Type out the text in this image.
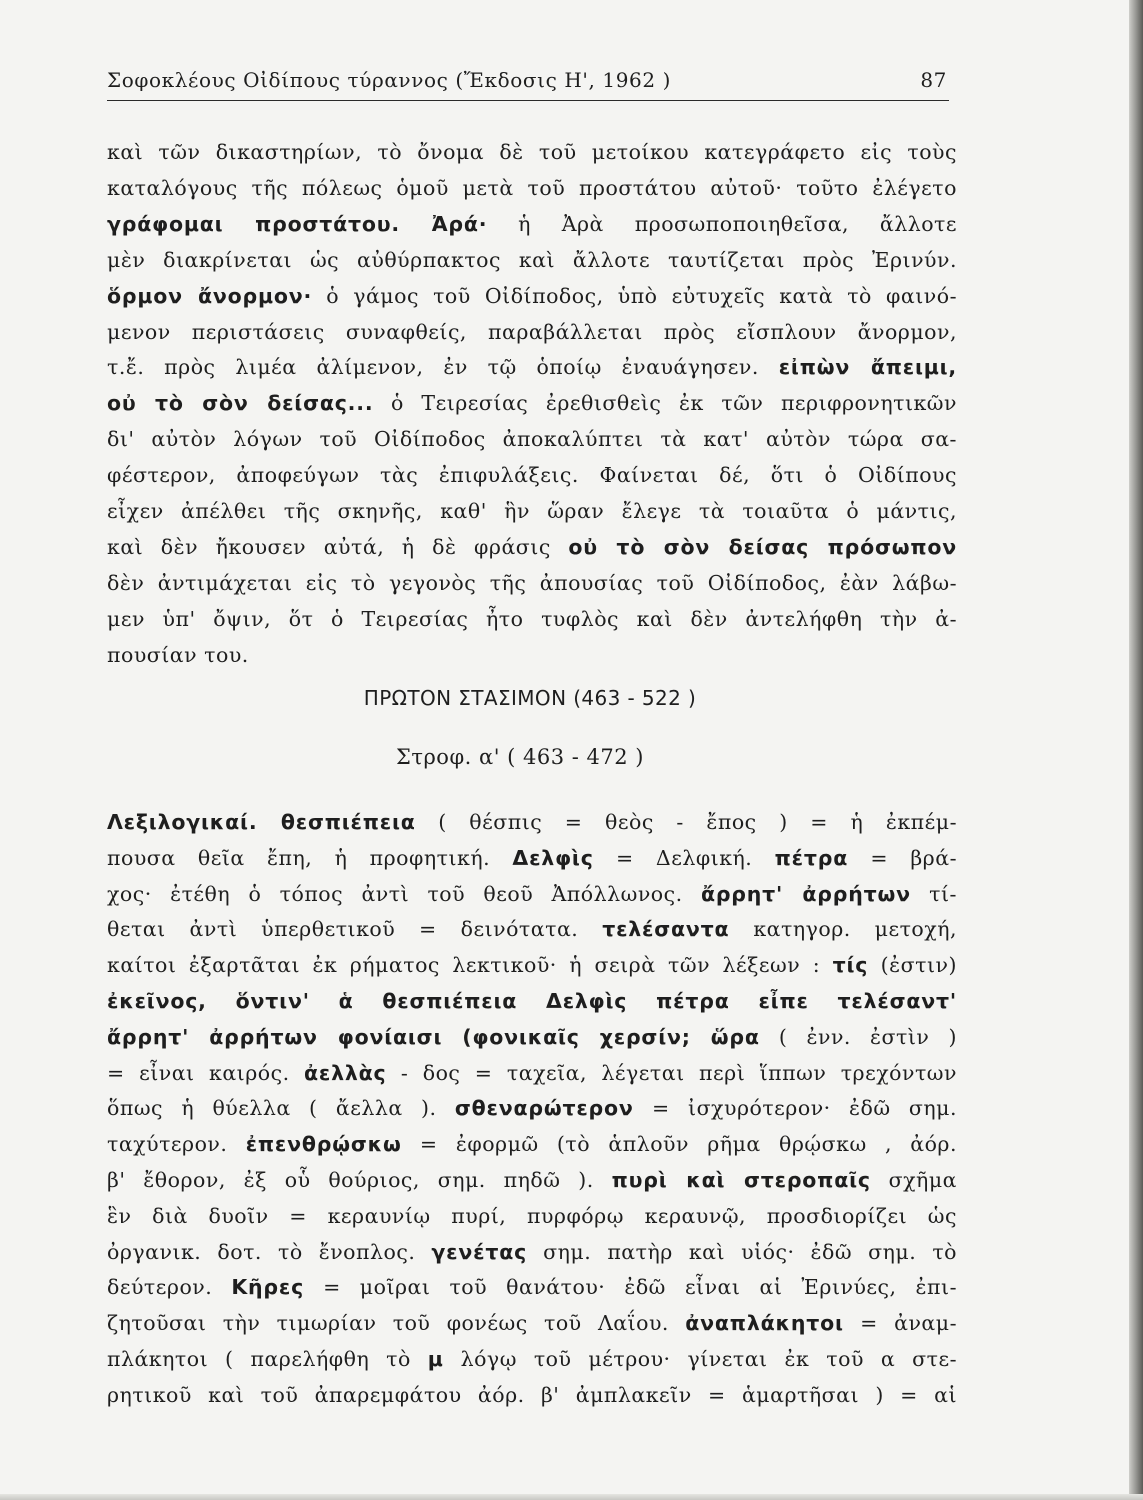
Σοφοκλέους Οἰδίπους τύραννος (Ἔκδοσις Η', 1962 )	87
καὶ τῶν δικαστηρίων, τὸ ὄνομα δὲ τοῦ μετοίκου κατεγράφετο εἰς τοὺς
καταλόγους τῆς πόλεως ὁμοῦ μετὰ τοῦ προστάτου αὐτοῦ· τοῦτο ἐλέγετο
γράφομαι προστάτου. Ἀρά· ἡ Ἀρὰ προσωποποιηθεῖσα, ἄλλοτε
μὲν διακρίνεται ὡς αὐθύρπακτος καὶ ἄλλοτε ταυτίζεται πρὸς Ἐρινύν.
ὅρμον ἄνορμον· ὁ γάμος τοῦ Οἰδίποδος, ὑπὸ εὐτυχεῖς κατὰ τὸ φαινό-
μενον περιστάσεις συναφθείς, παραβάλλεται πρὸς εἴσπλουν ἄνορμον,
τ.ἔ. πρὸς λιμέα ἀλίμενον, ἐν τῷ ὁποίῳ ἐναυάγησεν. εἰπὼν ἄπειμι,
οὐ τὸ σὸν δείσας... ὁ Τειρεσίας ἐρεθισθεὶς ἐκ τῶν περιφρονητικῶν
δι' αὐτὸν λόγων τοῦ Οἰδίποδος ἀποκαλύπτει τὰ κατ' αὐτὸν τώρα σα-
φέστερον, ἀποφεύγων τὰς ἐπιφυλάξεις. Φαίνεται δέ, ὅτι ὁ Οἰδίπους
εἶχεν ἀπέλθει τῆς σκηνῆς, καθ' ἣν ὥραν ἔλεγε τὰ τοιαῦτα ὁ μάντις,
καὶ δὲν ἤκουσεν αὐτά, ἡ δὲ φράσις οὐ τὸ σὸν δείσας πρόσωπον
δὲν ἀντιμάχεται εἰς τὸ γεγονὸς τῆς ἀπουσίας τοῦ Οἰδίποδος, ἐὰν λάβω-
μεν ὑπ' ὄψιν, ὅτ ὁ Τειρεσίας ἦτο τυφλὸς καὶ δὲν ἀντελήφθη τὴν ἀ-
πουσίαν του.
ΠΡΩΤΟΝ ΣΤΑΣΙΜΟΝ (463 - 522 )
Στροφ. α' ( 463 - 472 )
Λεξιλογικαί. θεσπιέπεια ( θέσπις = θεὸς - ἔπος ) = ἡ ἐκπέμ-
πουσα θεῖα ἔπη, ἡ προφητική. Δελφὶς = Δελφική. πέτρα = βρά-
χος· ἐτέθη ὁ τόπος ἀντὶ τοῦ θεοῦ Ἀπόλλωνος. ἄρρητ' ἀρρήτων τί-
θεται ἀντὶ ὑπερθετικοῦ = δεινότατα. τελέσαντα κατηγορ. μετοχή,
καίτοι ἐξαρτᾶται ἐκ ρήματος λεκτικοῦ· ἡ σειρὰ τῶν λέξεων : τίς (ἐστιν)
ἐκεῖνος, ὅντιν' ἁ θεσπιέπεια Δελφὶς πέτρα εἶπε τελέσαντ'
ἄρρητ' ἀρρήτων φονίαισι (φονικαῖς χερσίν; ὥρα ( ἐνν. ἐστὶν )
= εἶναι καιρός. ἀελλὰς - δος = ταχεῖα, λέγεται περὶ ἵππων τρεχόντων
ὅπως ἡ θύελλα ( ἄελλα ). σθεναρώτερον = ἰσχυρότερον· ἐδῶ σημ.
ταχύτερον. ἐπενθρῴσκω = ἐφορμῶ (τὸ ἁπλοῦν ρῆμα θρῴσκω , ἀόρ.
β' ἔθορον, ἐξ οὗ θούριος, σημ. πηδῶ ). πυρὶ καὶ στεροπαῖς σχῆμα
ἓν διὰ δυοῖν = κεραυνίῳ πυρί, πυρφόρῳ κεραυνῷ, προσδιορίζει ὡς
ὀργανικ. δοτ. τὸ ἔνοπλος. γενέτας σημ. πατὴρ καὶ υἱός· ἐδῶ σημ. τὸ
δεύτερον. Κῆρες = μοῖραι τοῦ θανάτου· ἐδῶ εἶναι αἱ Ἐρινύες, ἐπι-
ζητοῦσαι τὴν τιμωρίαν τοῦ φονέως τοῦ Λαΐου. ἀναπλάκητοι = ἀναμ-
πλάκητοι ( παρελήφθη τὸ μ λόγῳ τοῦ μέτρου· γίνεται ἐκ τοῦ α στε-
ρητικοῦ καὶ τοῦ ἀπαρεμφάτου ἀόρ. β' ἀμπλακεῖν = ἁμαρτῆσαι ) = αἱ
